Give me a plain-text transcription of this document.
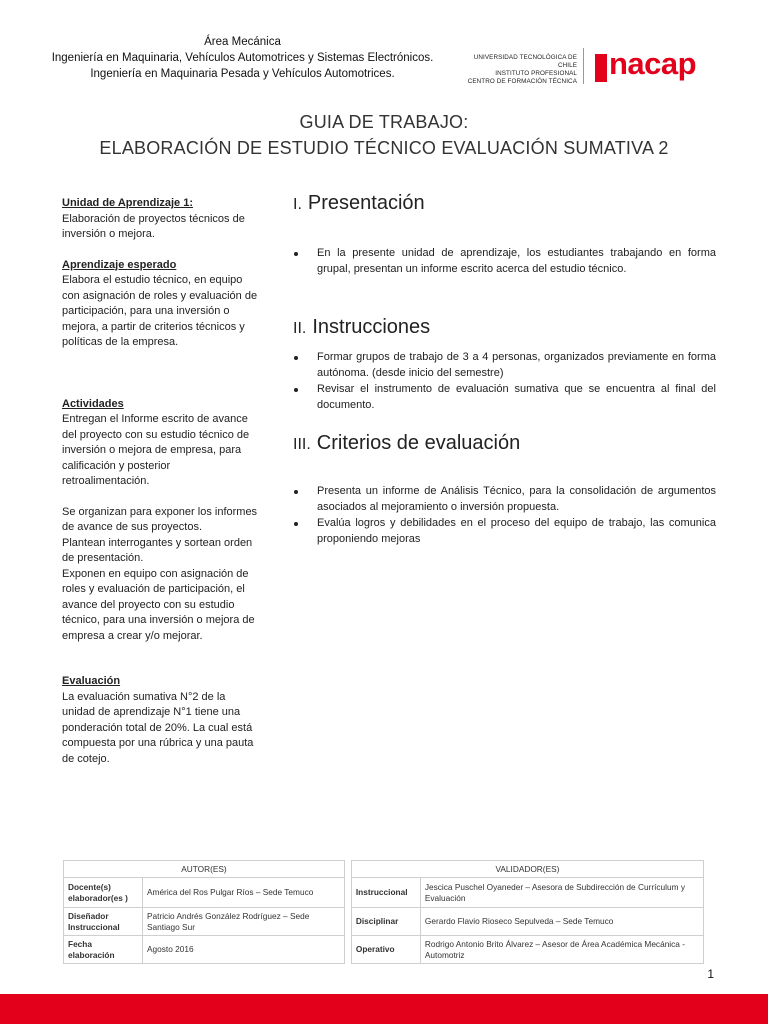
Área Mecánica
Ingeniería en Maquinaria, Vehículos Automotrices y Sistemas Electrónicos.
Ingeniería en Maquinaria Pesada y Vehículos Automotrices.
UNIVERSIDAD TECNOLÓGICA DE CHILE
INSTITUTO PROFESIONAL
CENTRO DE FORMACIÓN TÉCNICA
nacap
GUIA DE TRABAJO:
ELABORACIÓN DE ESTUDIO TÉCNICO EVALUACIÓN SUMATIVA 2
Unidad de Aprendizaje 1:

Elaboración de proyectos técnicos de inversión o mejora.

Aprendizaje esperado

Elabora el estudio técnico, en equipo con asignación de roles y evaluación de participación, para una inversión o mejora, a partir de criterios técnicos y políticas de la empresa.

Actividades

Entregan el Informe escrito de avance del proyecto con su estudio técnico de inversión o mejora de empresa, para calificación y posterior retroalimentación.

Se organizan para exponer los informes de avance de sus proyectos.

Plantean interrogantes y sortean orden de presentación.

Exponen en equipo con asignación de roles y evaluación de participación, el avance del proyecto con su estudio técnico, para una inversión o mejora de empresa a crear y/o mejorar.

Evaluación

La evaluación sumativa N°2 de la unidad de aprendizaje N°1 tiene una ponderación total de 20%. La cual está compuesta por una rúbrica y una pauta de cotejo.

I. Presentación
En la presente unidad de aprendizaje, los estudiantes trabajando en forma grupal, presentan un informe escrito acerca del estudio técnico.
II. Instrucciones
Formar grupos de trabajo de 3 a 4 personas, organizados previamente en forma autónoma. (desde inicio del semestre)
Revisar el instrumento de evaluación sumativa que se encuentra al final del documento.
III. Criterios de evaluación
Presenta un informe de Análisis Técnico, para la consolidación de argumentos asociados al mejoramiento o inversión propuesta.
Evalúa logros y debilidades en el proceso del equipo de trabajo, las comunica proponiendo mejoras
AUTOR(ES)			VALIDADOR(ES)	
Docente(s) elaborador(es )	América del Ros Pulgar Ríos – Sede Temuco		Instruccional	Jescica Puschel Oyaneder – Asesora de Subdirección de Currículum y Evaluación
Diseñador Instruccional	Patricio Andrés González Rodríguez – Sede Santiago Sur		Disciplinar	Gerardo Flavio Rioseco Sepulveda – Sede Temuco
Fecha elaboración	Agosto 2016		Operativo	Rodrigo Antonio Brito Álvarez – Asesor de Área Académica Mecánica - Automotriz
1
